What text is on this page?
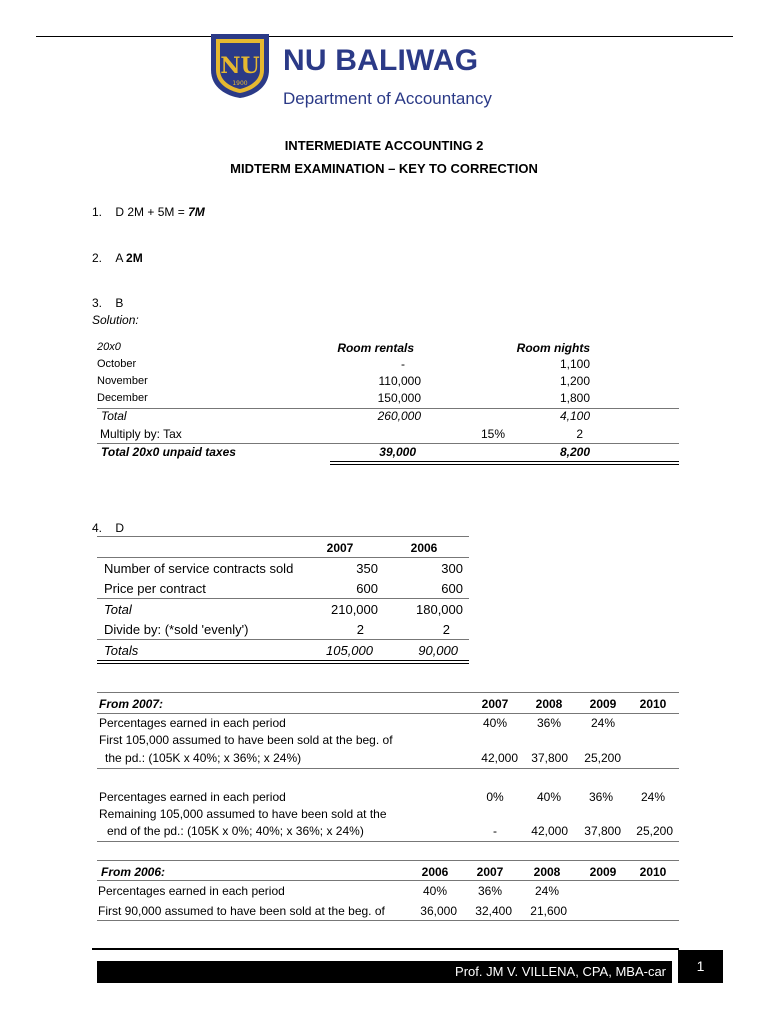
NU
1900
NU BALIWAG
Department of Accountancy
INTERMEDIATE ACCOUNTING 2
MIDTERM EXAMINATION – KEY TO CORRECTION
1. D 2M + 5M = 7M
2. A 2M
3. B
Solution:
20x0	Room rentals	Room nights
October	-	1,100
November	110,000	1,200
December	150,000	1,800
Total	260,000	4,100
Multiply by: Tax	15%	2
Total 20x0 unpaid taxes	39,000	8,200
4. D
2007	2006
Number of service contracts sold	350	300
Price per contract	600	600
Total	210,000	180,000
Divide by: (*sold 'evenly')	2	2
Totals	105,000	90,000
From 2007:	2007	2008	2009	2010
Percentages earned in each period	40%	36%	24%
First 105,000 assumed to have been sold at the beg. of
the pd.: (105K x 40%; x 36%; x 24%)	42,000	37,800	25,200
Percentages earned in each period	0%	40%	36%	24%
Remaining 105,000 assumed to have been sold at the
end of the pd.: (105K x 0%; 40%; x 36%; x 24%)	-	42,000	37,800	25,200
From 2006:	2006	2007	2008	2009	2010
Percentages earned in each period	40%	36%	24%
First 90,000 assumed to have been sold at the beg. of	36,000	32,400	21,600
Prof. JM V. VILLENA, CPA, MBA-car	1
